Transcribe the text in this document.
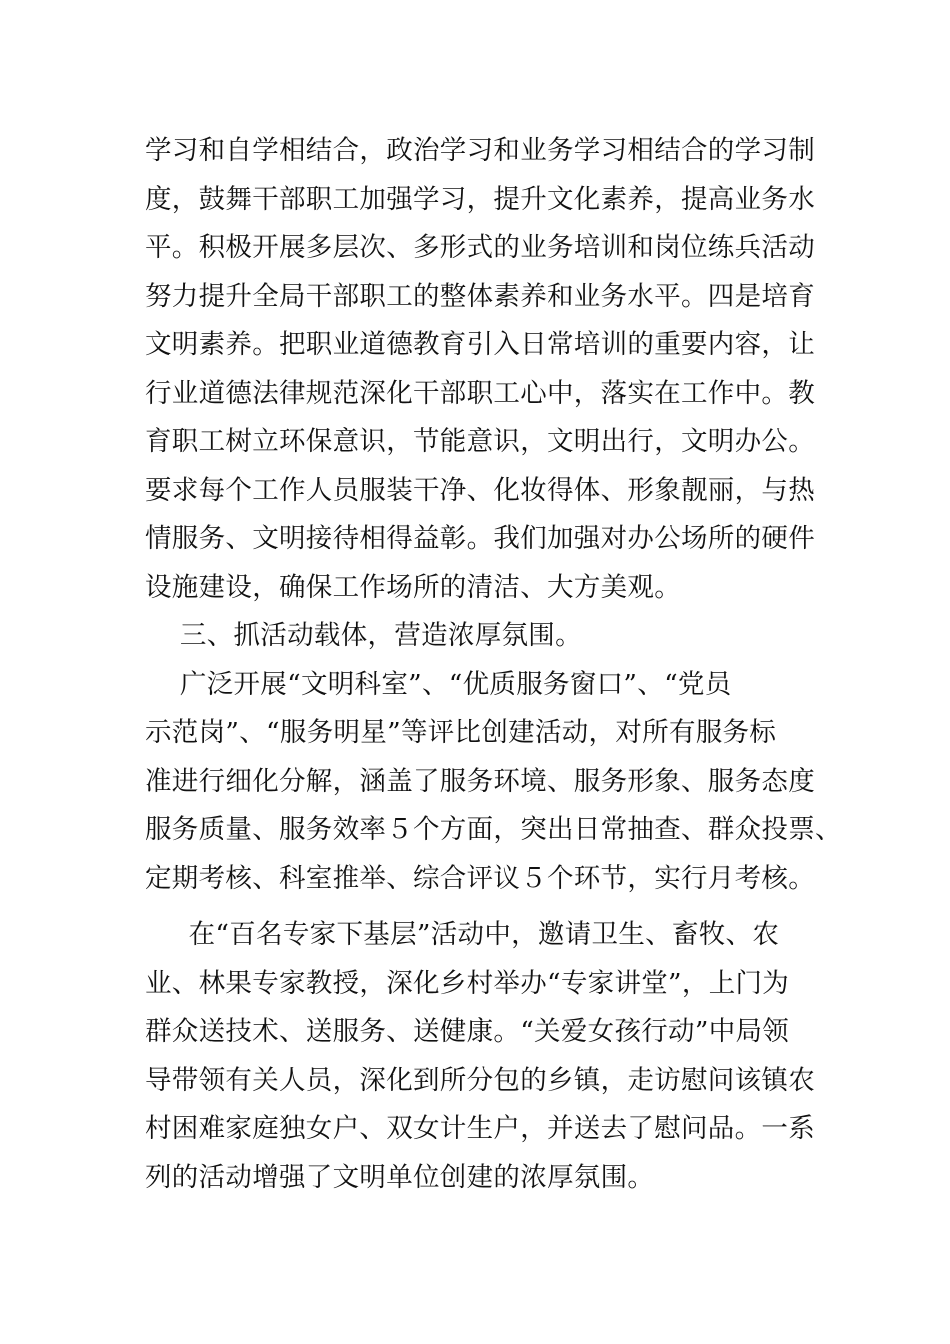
学习和自学相结合，政治学习和业务学习相结合的学习制
度，鼓舞干部职工加强学习，提升文化素养，提高业务水
平。积极开展多层次、多形式的业务培训和岗位练兵活动
努力提升全局干部职工的整体素养和业务水平。四是培育
文明素养。把职业道德教育引入日常培训的重要内容，让
行业道德法律规范深化干部职工心中，落实在工作中。教
育职工树立环保意识，节能意识，文明出行，文明办公。
要求每个工作人员服装干净、化妆得体、形象靓丽，与热
情服务、文明接待相得益彰。我们加强对办公场所的硬件
设施建设，确保工作场所的清洁、大方美观。
三、抓活动载体，营造浓厚氛围。
广泛开展“文明科室”、“优质服务窗口”、“党员
示范岗”、“服务明星”等评比创建活动，对所有服务标
准进行细化分解，涵盖了服务环境、服务形象、服务态度
服务质量、服务效率５个方面，突出日常抽查、群众投票、
定期考核、科室推举、综合评议５个环节，实行月考核。
在“百名专家下基层”活动中，邀请卫生、畜牧、农
业、林果专家教授，深化乡村举办“专家讲堂”，上门为
群众送技术、送服务、送健康。“关爱女孩行动”中局领
导带领有关人员，深化到所分包的乡镇，走访慰问该镇农
村困难家庭独女户、双女计生户，并送去了慰问品。一系
列的活动增强了文明单位创建的浓厚氛围。
